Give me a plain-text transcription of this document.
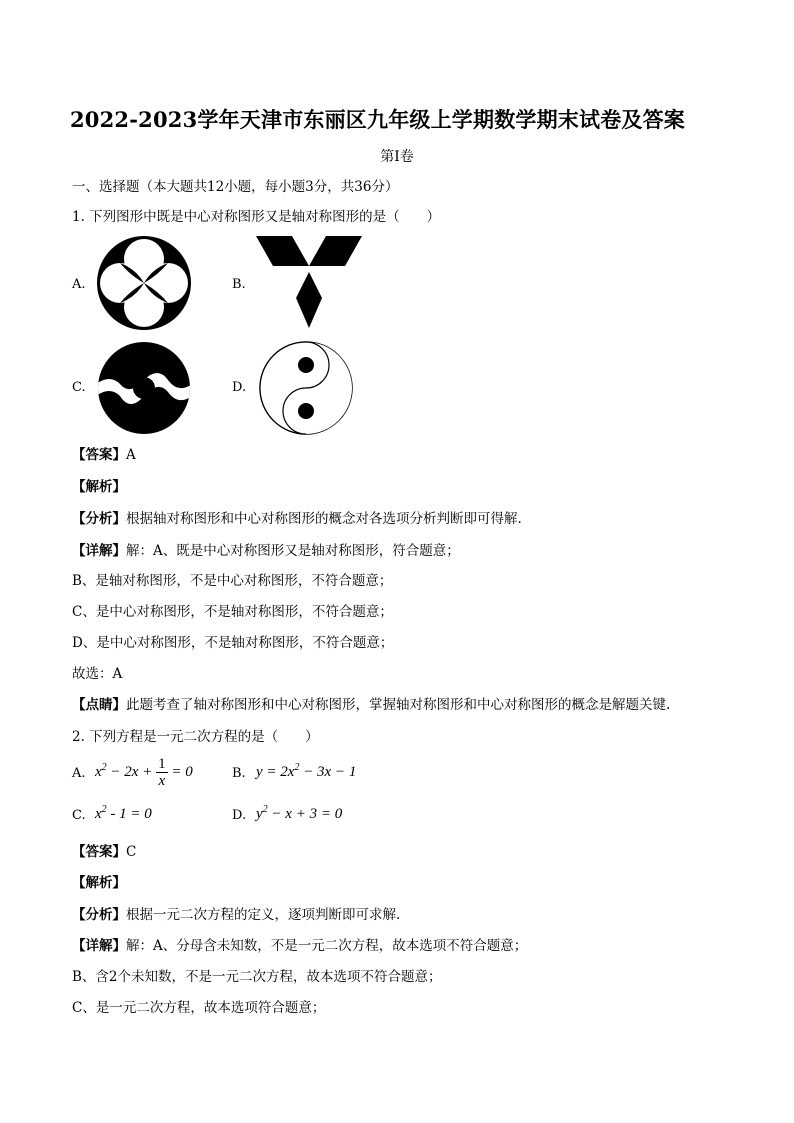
2022-2023学年天津市东丽区九年级上学期数学期末试卷及答案
第Ⅰ卷
一、选择题（本大题共12小题，每小题3分，共36分）
1. 下列图形中既是中心对称图形又是轴对称图形的是（　　）
A.	B.
C.	D.
【答案】A
【解析】
【分析】根据轴对称图形和中心对称图形的概念对各选项分析判断即可得解.
【详解】解：A、既是中心对称图形又是轴对称图形，符合题意；
B、是轴对称图形，不是中心对称图形，不符合题意；
C、是中心对称图形，不是轴对称图形，不符合题意；
D、是中心对称图形，不是轴对称图形，不符合题意；
故选：A
【点睛】此题考查了轴对称图形和中心对称图形，掌握轴对称图形和中心对称图形的概念是解题关键.
2. 下列方程是一元二次方程的是（　　）
A. $x^2 - 2x + \frac{1}{x} = 0$	B. $y = 2x^2 - 3x - 1$
C. $x^2 - 1 = 0$	D. $y^2 - x + 3 = 0$
【答案】C
【解析】
【分析】根据一元二次方程的定义，逐项判断即可求解.
【详解】解：A、分母含未知数，不是一元二次方程，故本选项不符合题意；
B、含2个未知数，不是一元二次方程，故本选项不符合题意；
C、是一元二次方程，故本选项符合题意；
